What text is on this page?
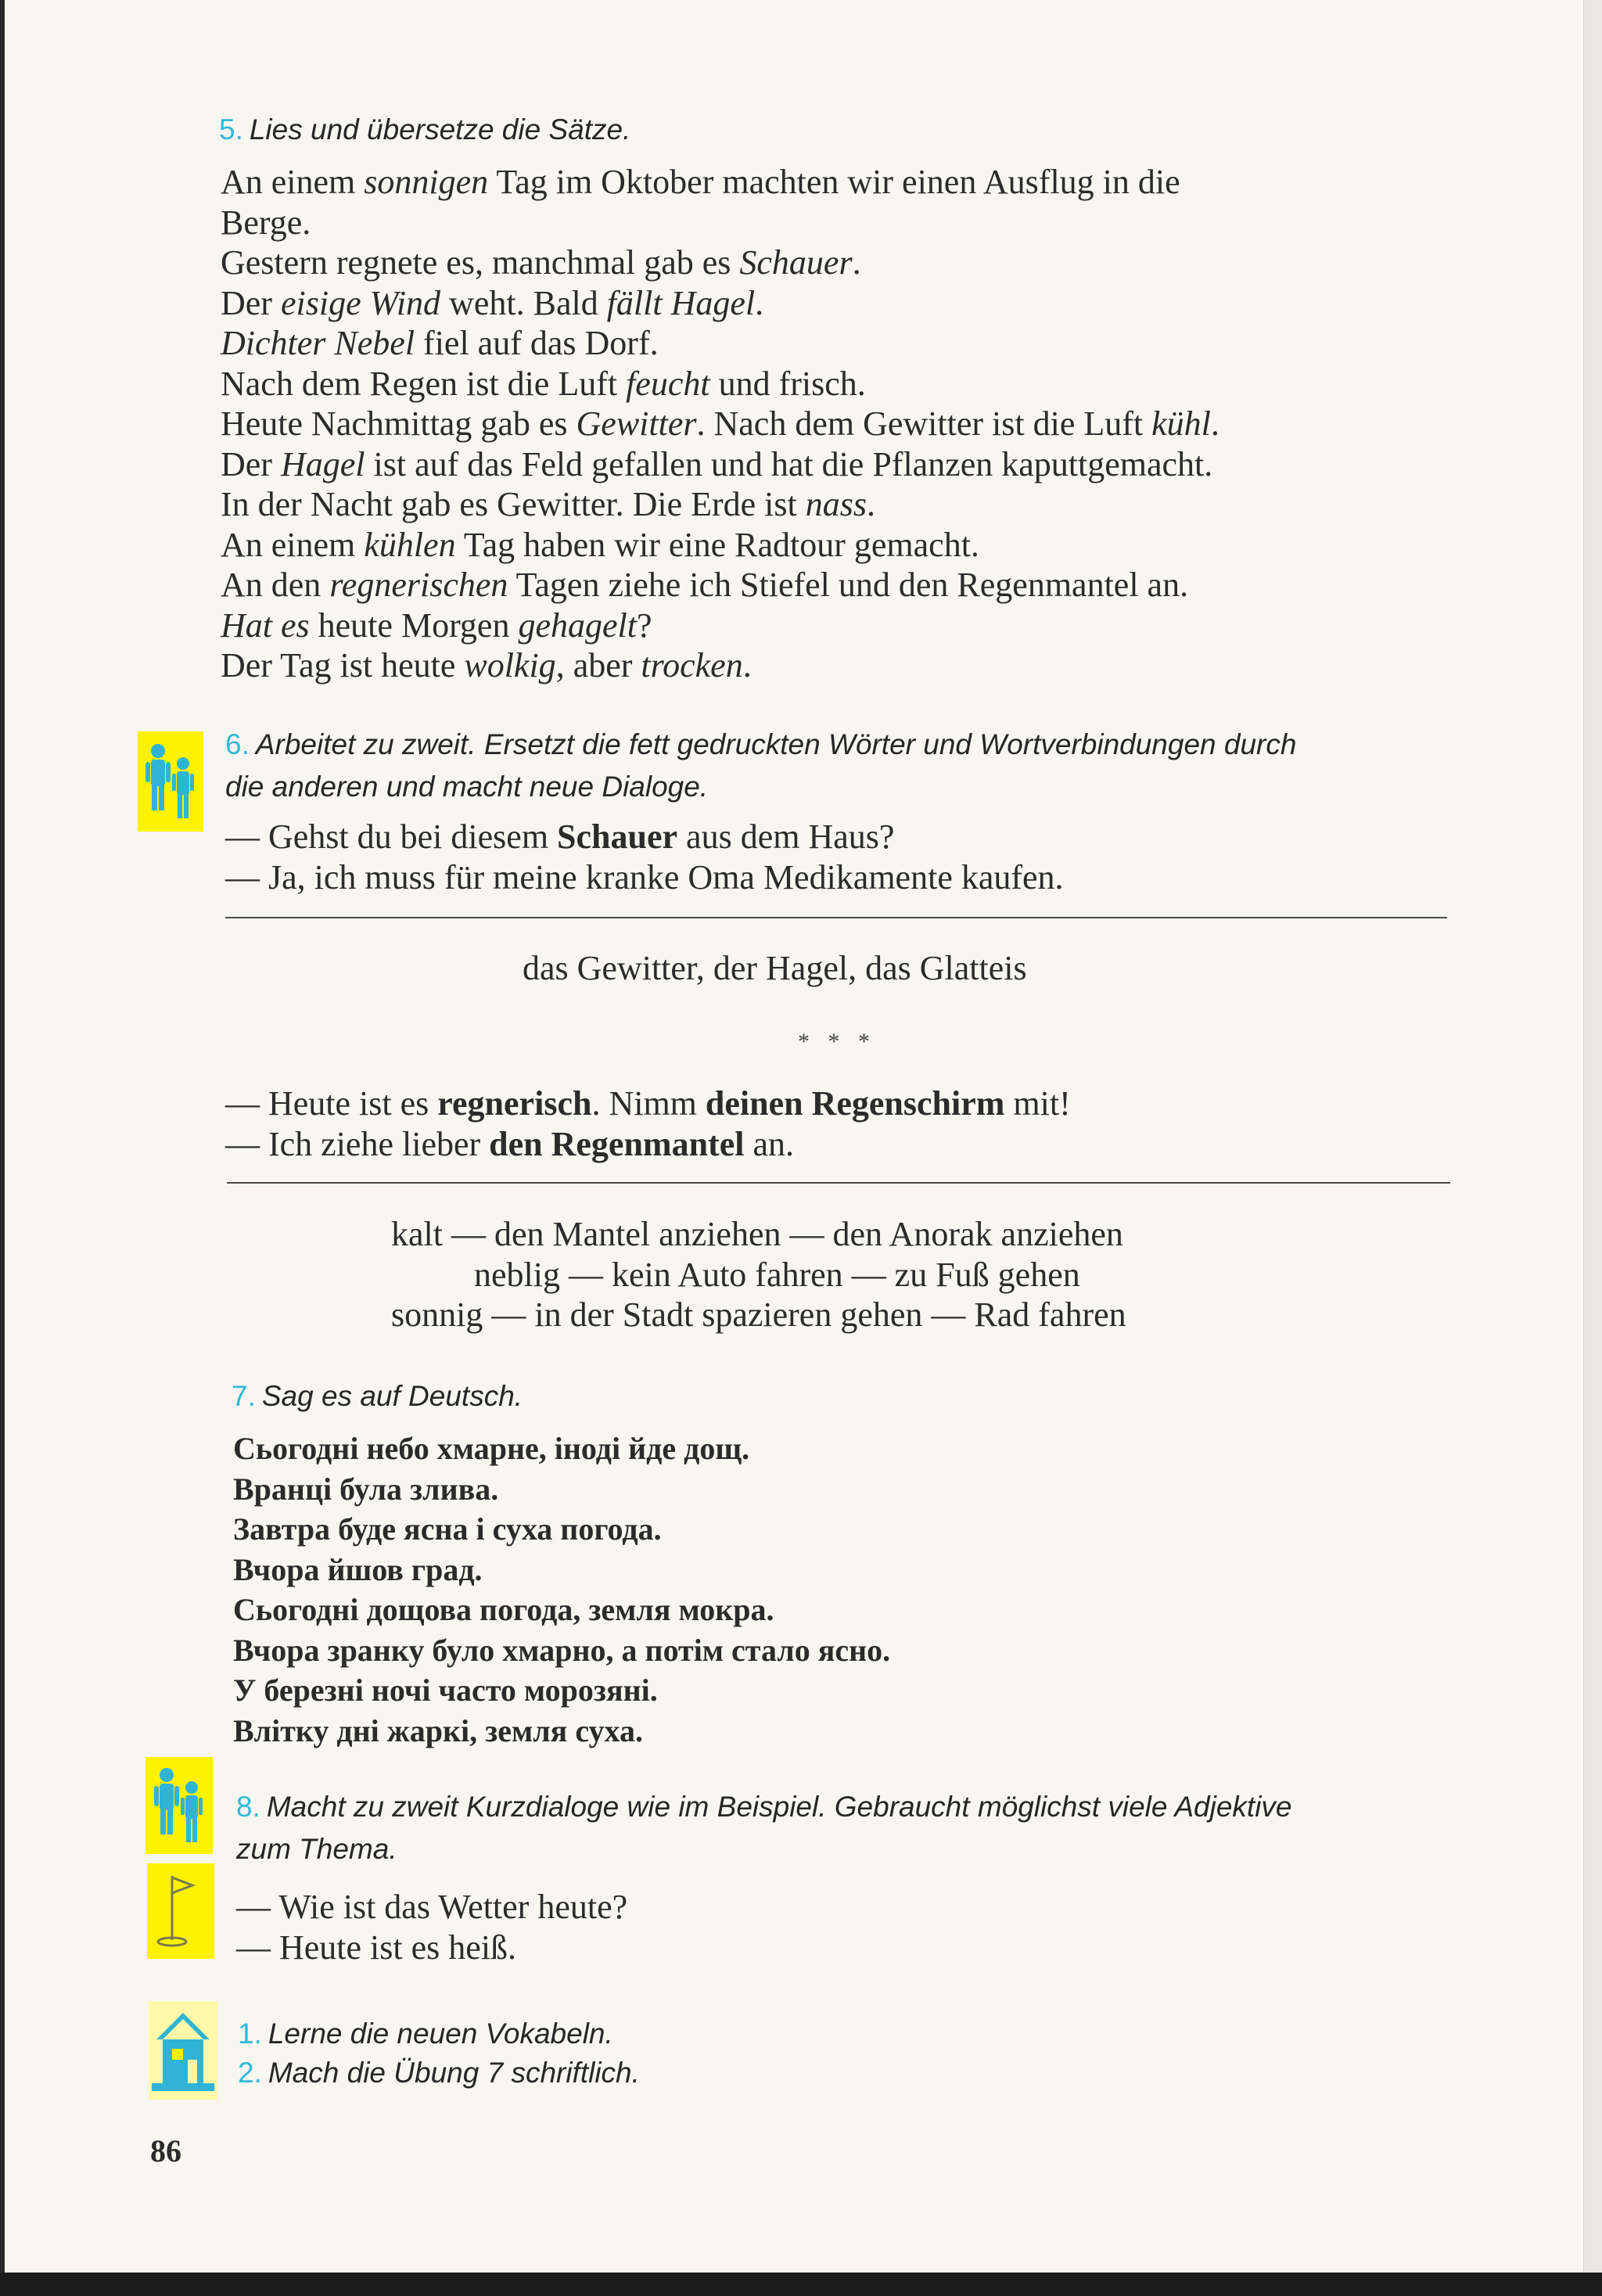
5. Lies und übersetze die Sätze.
An einem sonnigen Tag im Oktober machten wir einen Ausflug in die
Berge.
Gestern regnete es, manchmal gab es Schauer.
Der eisige Wind weht. Bald fällt Hagel.
Dichter Nebel fiel auf das Dorf.
Nach dem Regen ist die Luft feucht und frisch.
Heute Nachmittag gab es Gewitter. Nach dem Gewitter ist die Luft kühl.
Der Hagel ist auf das Feld gefallen und hat die Pflanzen kaputtgemacht.
In der Nacht gab es Gewitter. Die Erde ist nass.
An einem kühlen Tag haben wir eine Radtour gemacht.
An den regnerischen Tagen ziehe ich Stiefel und den Regenmantel an.
Hat es heute Morgen gehagelt?
Der Tag ist heute wolkig, aber trocken.
6. Arbeitet zu zweit. Ersetzt die fett gedruckten Wörter und Wortverbindungen durch
die anderen und macht neue Dialoge.
— Gehst du bei diesem Schauer aus dem Haus?
— Ja, ich muss für meine kranke Oma Medikamente kaufen.
das Gewitter, der Hagel, das Glatteis
* * *
— Heute ist es regnerisch. Nimm deinen Regenschirm mit!
— Ich ziehe lieber den Regenmantel an.
kalt — den Mantel anziehen — den Anorak anziehen
neblig — kein Auto fahren — zu Fuß gehen
sonnig — in der Stadt spazieren gehen — Rad fahren
7. Sag es auf Deutsch.
Сьогодні небо хмарне, іноді йде дощ.
Вранці була злива.
Завтра буде ясна і суха погода.
Вчора йшов град.
Сьогодні дощова погода, земля мокра.
Вчора зранку було хмарно, а потім стало ясно.
У березні ночі часто морозяні.
Влітку дні жаркі, земля суха.
8. Macht zu zweit Kurzdialoge wie im Beispiel. Gebraucht möglichst viele Adjektive
zum Thema.
— Wie ist das Wetter heute?
— Heute ist es heiß.
1. Lerne die neuen Vokabeln.
2. Mach die Übung 7 schriftlich.
86
